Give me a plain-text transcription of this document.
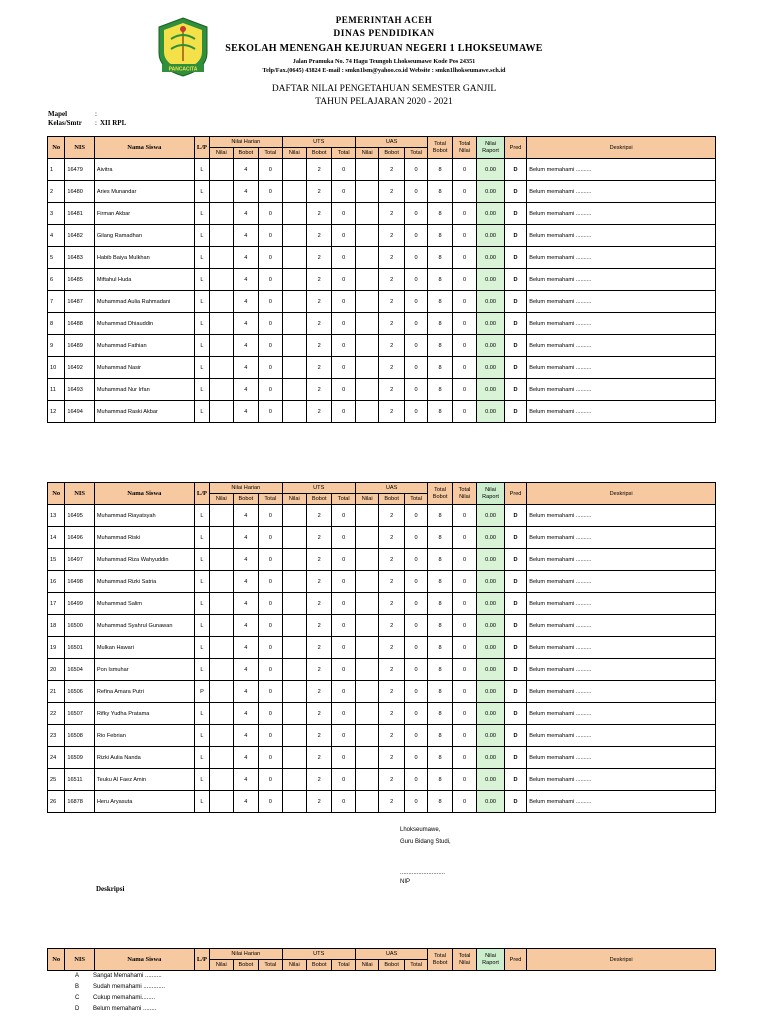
PANCACITA
PEMERINTAH ACEH
DINAS PENDIDIKAN
SEKOLAH MENENGAH KEJURUAN NEGERI 1 LHOKSEUMAWE
Jalan Pramuka No. 74 Hagu Teungoh Lhokseumawe Kode Pos 24351
Telp/Fax.(0645) 43824 E-mail : smkn1lsm@yahoo.co.id Website : smkn1lhokseumawe.sch.id
DAFTAR NILAI PENGETAHUAN SEMESTER GANJIL
TAHUN PELAJARAN 2020 - 2021
Mapel	:
Kelas/Smtr : XII RPL
No	NIS	Nama Siswa	L/P	Nilai Harian			UTS			UAS			Total Bobot	Total Nilai	Nilai Raport	Pred	Deskripsi
				Nilai	Bobot	Total	Nilai	Bobot	Total	Nilai	Bobot	Total					
1	16479	Aivitra	L		4	0		2	0		2	0	8	0	0.00	D	Belum memahami ..........
2	16480	Aries Munandar	L		4	0		2	0		2	0	8	0	0.00	D	Belum memahami ..........
3	16481	Firman Akbar	L		4	0		2	0		2	0	8	0	0.00	D	Belum memahami ..........
4	16482	Gilang Ramadhan	L		4	0		2	0		2	0	8	0	0.00	D	Belum memahami ..........
5	16483	Habib Baiya Mulkhan	L		4	0		2	0		2	0	8	0	0.00	D	Belum memahami ..........
6	16485	Miftahul Huda	L		4	0		2	0		2	0	8	0	0.00	D	Belum memahami ..........
7	16487	Muhammad Aulia Rahmadani	L		4	0		2	0		2	0	8	0	0.00	D	Belum memahami ..........
8	16488	Muhammad Dhiauddin	L		4	0		2	0		2	0	8	0	0.00	D	Belum memahami ..........
9	16489	Muhammad Fathian	L		4	0		2	0		2	0	8	0	0.00	D	Belum memahami ..........
10	16492	Muhammad Nasir	L		4	0		2	0		2	0	8	0	0.00	D	Belum memahami ..........
11	16493	Muhammad Nur Irfan	L		4	0		2	0		2	0	8	0	0.00	D	Belum memahami ..........
12	16494	Muhammad Raski Akbar	L		4	0		2	0		2	0	8	0	0.00	D	Belum memahami ..........
No	NIS	Nama Siswa	L/P	Nilai Harian			UTS			UAS			Total Bobot	Total Nilai	Nilai Raport	Pred	Deskripsi
				Nilai	Bobot	Total	Nilai	Bobot	Total	Nilai	Bobot	Total					
13	16495	Muhammad Riayatsyah	L		4	0		2	0		2	0	8	0	0.00	D	Belum memahami ..........
14	16496	Muhammad Riski	L		4	0		2	0		2	0	8	0	0.00	D	Belum memahami ..........
15	16497	Muhammad Riza Wahyuddin	L		4	0		2	0		2	0	8	0	0.00	D	Belum memahami ..........
16	16498	Muhammad Rizki Satria	L		4	0		2	0		2	0	8	0	0.00	D	Belum memahami ..........
17	16499	Muhammad Salim	L		4	0		2	0		2	0	8	0	0.00	D	Belum memahami ..........
18	16500	Muhammad Syahrul Gunawan	L		4	0		2	0		2	0	8	0	0.00	D	Belum memahami ..........
19	16501	Mulkan Hawari	L		4	0		2	0		2	0	8	0	0.00	D	Belum memahami ..........
20	16504	Pon Ismuhar	L		4	0		2	0		2	0	8	0	0.00	D	Belum memahami ..........
21	16506	Refina Amara Putri	P		4	0		2	0		2	0	8	0	0.00	D	Belum memahami ..........
22	16507	Rifky Yudha Pratama	L		4	0		2	0		2	0	8	0	0.00	D	Belum memahami ..........
23	16508	Rio Febrian	L		4	0		2	0		2	0	8	0	0.00	D	Belum memahami ..........
24	16509	Rizki Aulia Nanda	L		4	0		2	0		2	0	8	0	0.00	D	Belum memahami ..........
25	16511	Teuku Al Faez Amin	L		4	0		2	0		2	0	8	0	0.00	D	Belum memahami ..........
26	16878	Heru Aryasuta	L		4	0		2	0		2	0	8	0	0.00	D	Belum memahami ..........
No	NIS	Nama Siswa	L/P	Nilai Harian			UTS			UAS			Total Bobot	Total Nilai	Nilai Raport	Pred	Deskripsi
				Nilai	Bobot	Total	Nilai	Bobot	Total	Nilai	Bobot	Total					
Lhokseumawe,
Guru Bidang Studi,
...........................
NIP
Deskripsi
A Sangat Memahami ..........
B Sudah memahami .............
C Cukup memahami........
D Belum memahami ........
